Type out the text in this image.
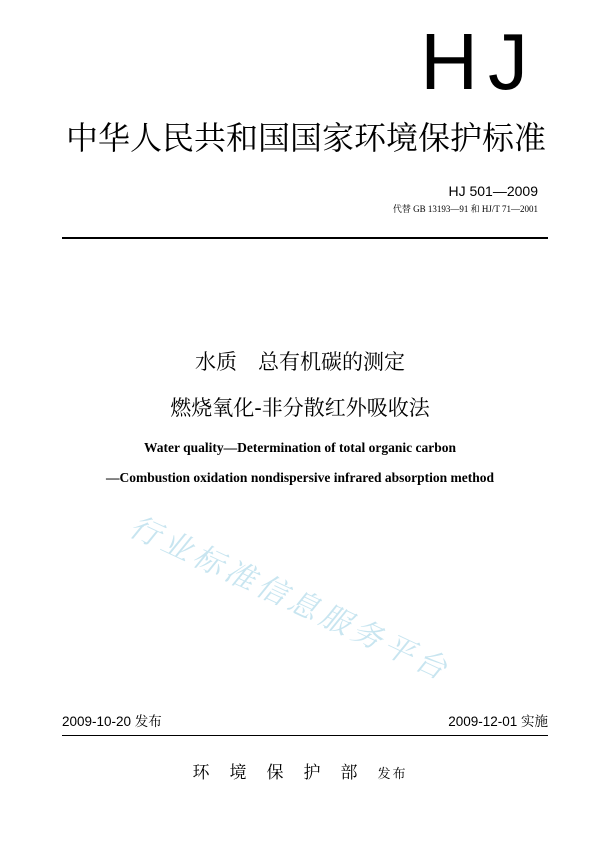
HJ
中华人民共和国国家环境保护标准
HJ 501—2009
代替 GB 13193—91 和 HJ/T 71—2001
水质　总有机碳的测定
燃烧氧化-非分散红外吸收法
Water quality—Determination of total organic carbon
—Combustion oxidation nondispersive infrared absorption method
行业标准信息服务平台
2009-10-20 发布	2009-12-01 实施
环境保护部发布
